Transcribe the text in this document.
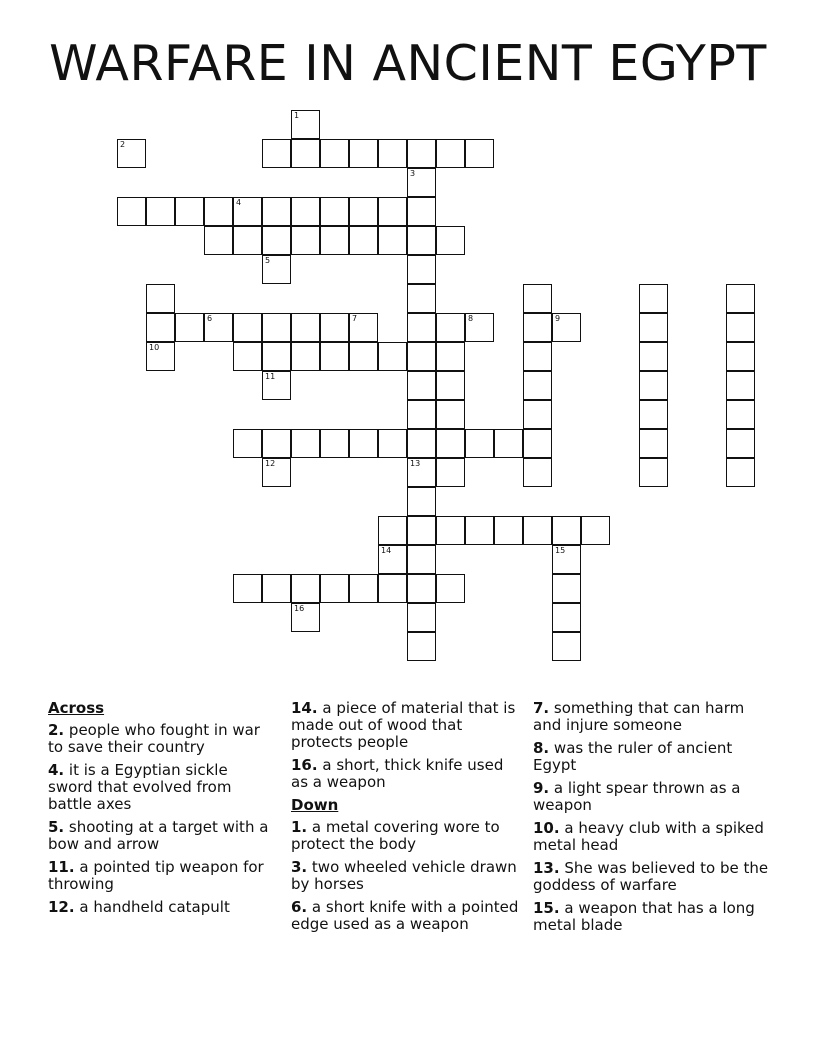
WARFARE IN ANCIENT EGYPT
6	7
3
4
13
15
1
2
5
8	9
10
11
12
14
16
Across
2. people who fought in war to save their country
4. it is a Egyptian sickle sword that evolved from battle axes
5. shooting at a target with a bow and arrow
11. a pointed tip weapon for throwing
12. a handheld catapult
14. a piece of material that is made out of wood that protects people
16. a short, thick knife used as a weapon
Down
1. a metal covering wore to protect the body
3. two wheeled vehicle drawn by horses
6. a short knife with a pointed edge used as a weapon
7. something that can harm and injure someone
8. was the ruler of ancient Egypt
9. a light spear thrown as a weapon
10. a heavy club with a spiked metal head
13. She was believed to be the goddess of warfare
15. a weapon that has a long metal blade
